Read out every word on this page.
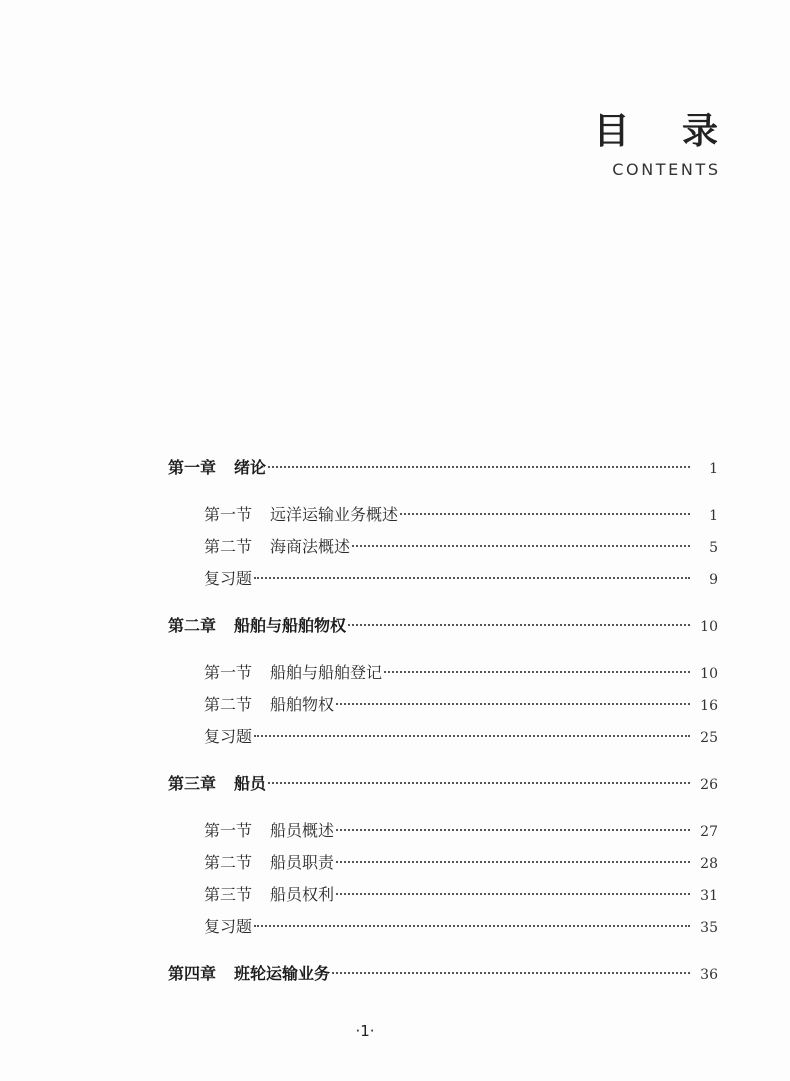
目 录
CONTENTS
第一章 绪论	1
第一节 远洋运输业务概述	1
第二节 海商法概述	5
复习题	9
第二章 船舶与船舶物权	10
第一节 船舶与船舶登记	10
第二节 船舶物权	16
复习题	25
第三章 船员	26
第一节 船员概述	27
第二节 船员职责	28
第三节 船员权利	31
复习题	35
第四章 班轮运输业务	36
·1·
